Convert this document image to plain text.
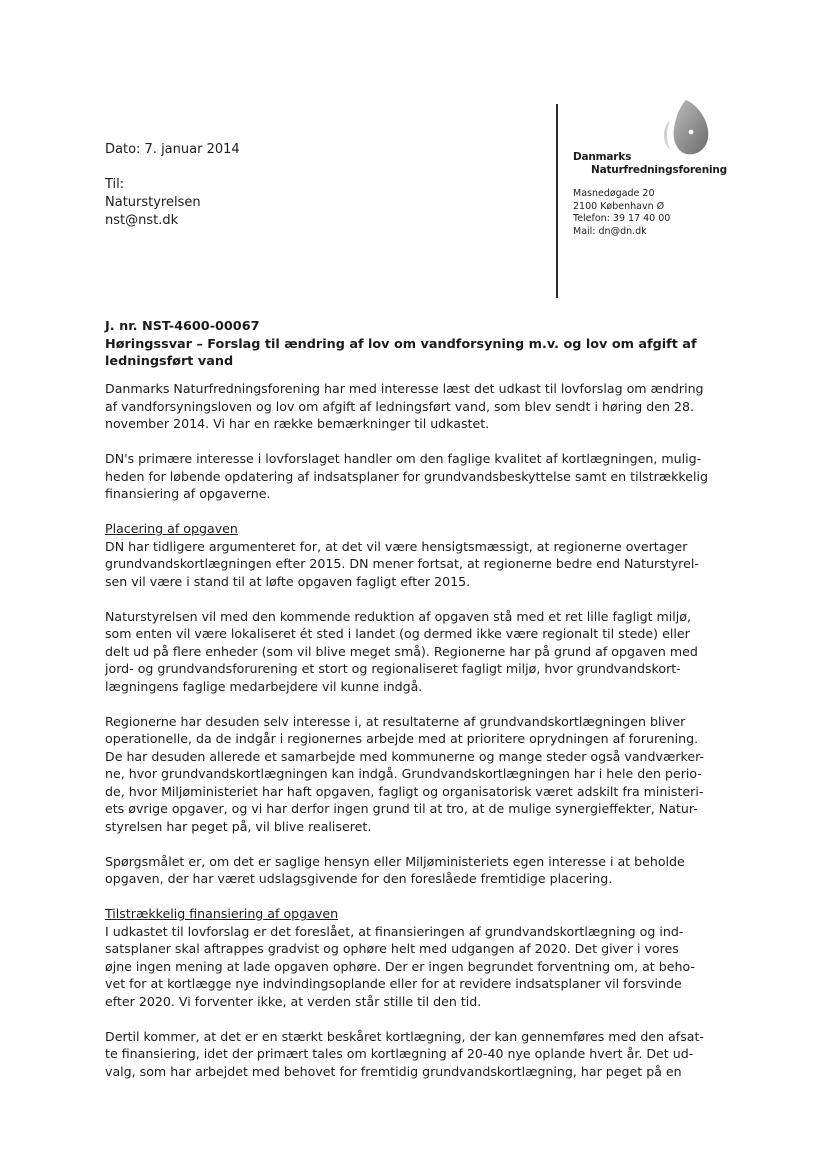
Dato: 7. januar 2014
Til:
Naturstyrelsen
nst@nst.dk
Danmarks
Naturfredningsforening
Masnedøgade 20
2100 København Ø
Telefon: 39 17 40 00
Mail: dn@dn.dk
J. nr. NST-4600-00067
Høringssvar – Forslag til ændring af lov om vandforsyning m.v. og lov om afgift af
ledningsført vand
Danmarks Naturfredningsforening har med interesse læst det udkast til lovforslag om ændring
af vandforsyningsloven og lov om afgift af ledningsført vand, som blev sendt i høring den 28.
november 2014. Vi har en række bemærkninger til udkastet.
DN's primære interesse i lovforslaget handler om den faglige kvalitet af kortlægningen, mulig-
heden for løbende opdatering af indsatsplaner for grundvandsbeskyttelse samt en tilstrækkelig
finansiering af opgaverne.
Placering af opgaven
DN har tidligere argumenteret for, at det vil være hensigtsmæssigt, at regionerne overtager
grundvandskortlægningen efter 2015. DN mener fortsat, at regionerne bedre end Naturstyrel-
sen vil være i stand til at løfte opgaven fagligt efter 2015.
Naturstyrelsen vil med den kommende reduktion af opgaven stå med et ret lille fagligt miljø,
som enten vil være lokaliseret ét sted i landet (og dermed ikke være regionalt til stede) eller
delt ud på flere enheder (som vil blive meget små). Regionerne har på grund af opgaven med
jord- og grundvandsforurening et stort og regionaliseret fagligt miljø, hvor grundvandskort-
lægningens faglige medarbejdere vil kunne indgå.
Regionerne har desuden selv interesse i, at resultaterne af grundvandskortlægningen bliver
operationelle, da de indgår i regionernes arbejde med at prioritere oprydningen af forurening.
De har desuden allerede et samarbejde med kommunerne og mange steder også vandværker-
ne, hvor grundvandskortlægningen kan indgå. Grundvandskortlægningen har i hele den perio-
de, hvor Miljøministeriet har haft opgaven, fagligt og organisatorisk været adskilt fra ministeri-
ets øvrige opgaver, og vi har derfor ingen grund til at tro, at de mulige synergieffekter, Natur-
styrelsen har peget på, vil blive realiseret.
Spørgsmålet er, om det er saglige hensyn eller Miljøministeriets egen interesse i at beholde
opgaven, der har været udslagsgivende for den foreslåede fremtidige placering.
Tilstrækkelig finansiering af opgaven
I udkastet til lovforslag er det foreslået, at finansieringen af grundvandskortlægning og ind-
satsplaner skal aftrappes gradvist og ophøre helt med udgangen af 2020. Det giver i vores
øjne ingen mening at lade opgaven ophøre. Der er ingen begrundet forventning om, at beho-
vet for at kortlægge nye indvindingsoplande eller for at revidere indsatsplaner vil forsvinde
efter 2020. Vi forventer ikke, at verden står stille til den tid.
Dertil kommer, at det er en stærkt beskåret kortlægning, der kan gennemføres med den afsat-
te finansiering, idet der primært tales om kortlægning af 20-40 nye oplande hvert år. Det ud-
valg, som har arbejdet med behovet for fremtidig grundvandskortlægning, har peget på en
